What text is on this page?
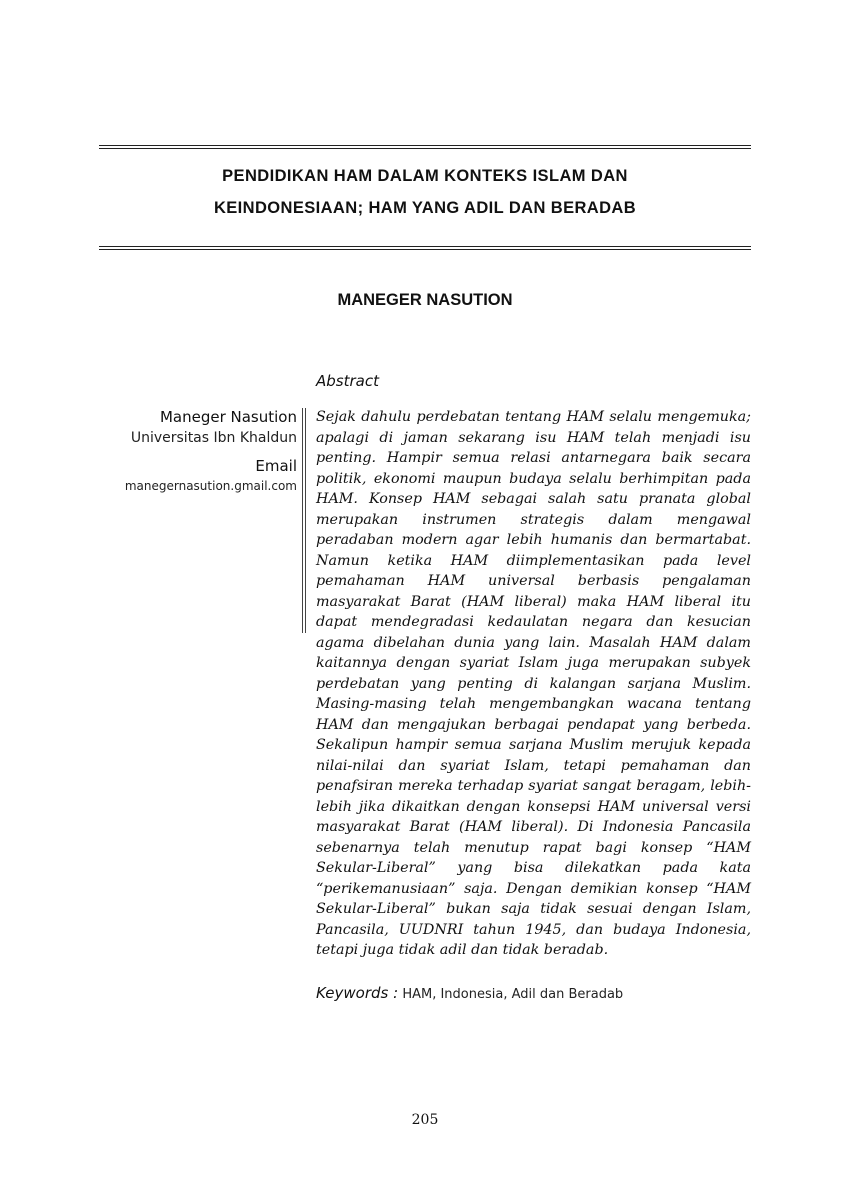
PENDIDIKAN HAM DALAM KONTEKS ISLAM DAN
KEINDONESIAAN; HAM YANG ADIL DAN BERADAB
MANEGER NASUTION
Abstract
Maneger Nasution
Universitas Ibn Khaldun
Email
manegernasution.gmail.com

Sejak dahulu perdebatan tentang HAM selalu mengemuka; apalagi di jaman sekarang isu HAM telah menjadi isu penting. Hampir semua relasi antarnegara baik secara politik, ekonomi maupun budaya selalu berhimpitan pada HAM. Konsep HAM sebagai salah satu pranata global merupakan instrumen strategis dalam mengawal peradaban modern agar lebih humanis dan bermartabat. Namun ketika HAM diimplementasikan pada level pemahaman HAM universal berbasis pengalaman masyarakat Barat (HAM liberal) maka HAM liberal itu dapat mendegradasi kedaulatan negara dan kesucian agama dibelahan dunia yang lain. Masalah HAM dalam kaitannya dengan syariat Islam juga merupakan subyek perdebatan yang penting di kalangan sarjana Muslim. Masing-masing telah mengembangkan wacana tentang HAM dan mengajukan berbagai pendapat yang berbeda. Sekalipun hampir semua sarjana Muslim merujuk kepada nilai-nilai dan syariat Islam, tetapi pemahaman dan penafsiran mereka terhadap syariat sangat beragam, lebih-lebih jika dikaitkan dengan konsepsi HAM universal versi masyarakat Barat (HAM liberal). Di Indonesia Pancasila sebenarnya telah menutup rapat bagi konsep “HAM Sekular-Liberal” yang bisa dilekatkan pada kata “perikemanusiaan” saja. Dengan demikian konsep “HAM Sekular-Liberal” bukan saja tidak sesuai dengan Islam, Pancasila, UUDNRI tahun 1945, dan budaya Indonesia, tetapi juga tidak adil dan tidak beradab.

Keywords : HAM, Indonesia, Adil dan Beradab
205
